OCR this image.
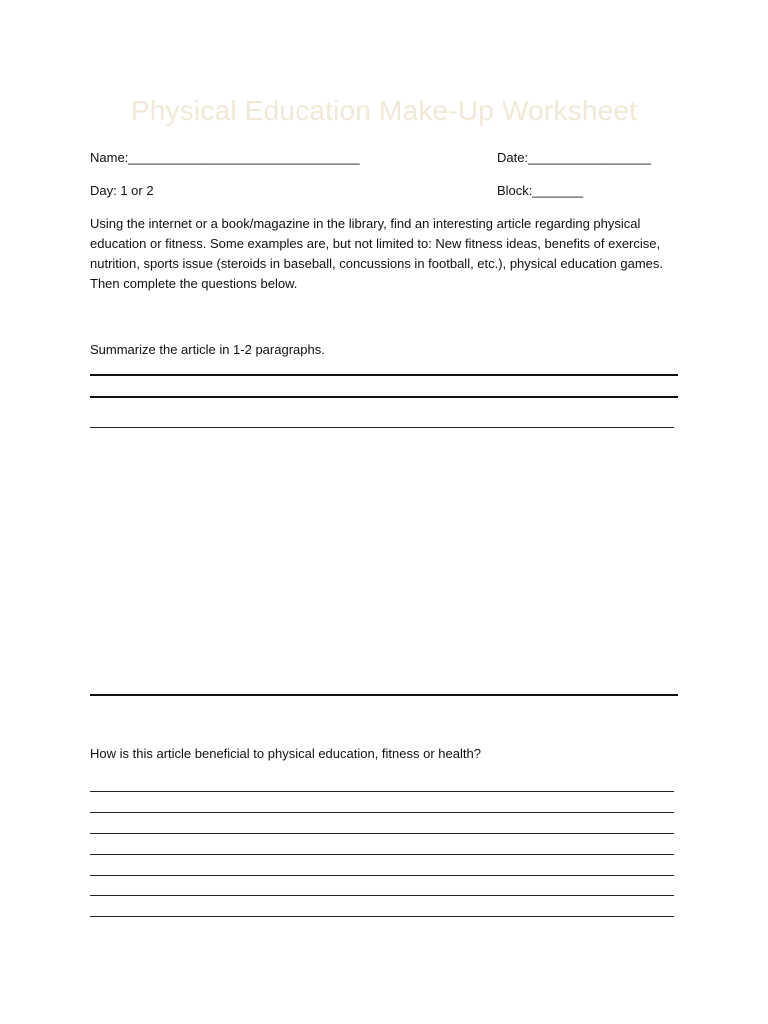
Physical Education Make-Up Worksheet
Name:________________________________	Date:_________________
Day: 1 or 2	Block:_______
Using the internet or a book/magazine in the library, find an interesting article regarding physical education or fitness. Some examples are, but not limited to: New fitness ideas, benefits of exercise, nutrition, sports issue (steroids in baseball, concussions in football, etc.), physical education games. Then complete the questions below.
Summarize the article in 1-2 paragraphs.
How is this article beneficial to physical education, fitness or health?
